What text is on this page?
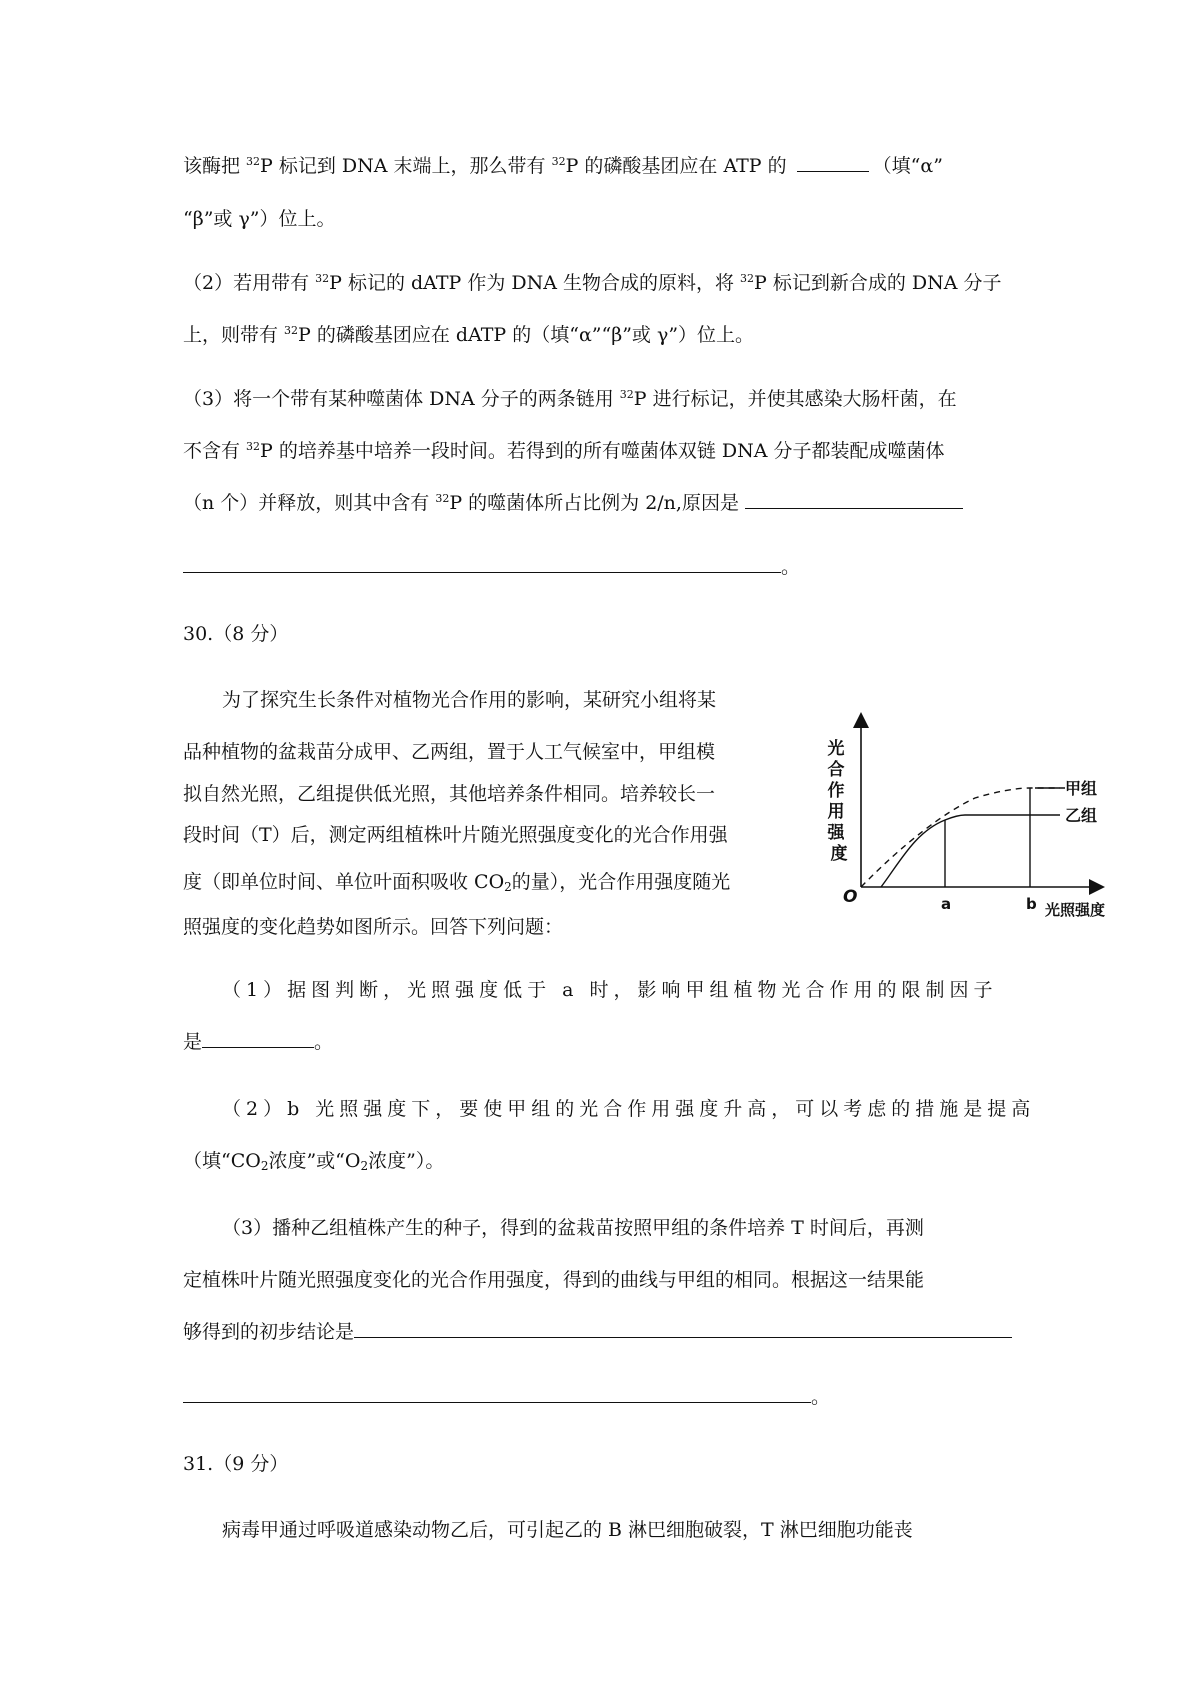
该酶把 $^{32}$P 标记到 DNA 末端上，那么带有 $^{32}$P 的磷酸基团应在 ATP 的	（填“α”
“β”或 γ”）位上。
（2）若用带有 $^{32}$P 标记的 dATP 作为 DNA 生物合成的原料，将 $^{32}$P 标记到新合成的 DNA 分子
上，则带有 $^{32}$P 的磷酸基团应在 dATP 的（填“α”“β”或 γ”）位上。
（3）将一个带有某种噬菌体 DNA 分子的两条链用 $^{32}$P 进行标记，并使其感染大肠杆菌，在
不含有 $^{32}$P 的培养基中培养一段时间。若得到的所有噬菌体双链 DNA 分子都装配成噬菌体
（n 个）并释放，则其中含有 $^{32}$P 的噬菌体所占比例为 2/n,原因是
。
30.（8 分）
为了探究生长条件对植物光合作用的影响，某研究小组将某
品种植物的盆栽苗分成甲、乙两组，置于人工气候室中，甲组模
拟自然光照，乙组提供低光照，其他培养条件相同。培养较长一
段时间（T）后，测定两组植株叶片随光照强度变化的光合作用强
度（即单位时间、单位叶面积吸收 $CO_2$的量），光合作用强度随光
照强度的变化趋势如图所示。回答下列问题：
光 合 作 用 强 度
O
甲组
乙组
a	b 光照强度
（1）据图判断，光照强度低于 a 时，影响甲组植物光合作用的限制因子
是	。
（2）b 光照强度下，要使甲组的光合作用强度升高，可以考虑的措施是提高
（填“$CO_2$浓度”或“$O_2$浓度”）。
（3）播种乙组植株产生的种子，得到的盆栽苗按照甲组的条件培养 T 时间后，再测
定植株叶片随光照强度变化的光合作用强度，得到的曲线与甲组的相同。根据这一结果能
够得到的初步结论是
。
31.（9 分）
病毒甲通过呼吸道感染动物乙后，可引起乙的 B 淋巴细胞破裂，T 淋巴细胞功能丧
